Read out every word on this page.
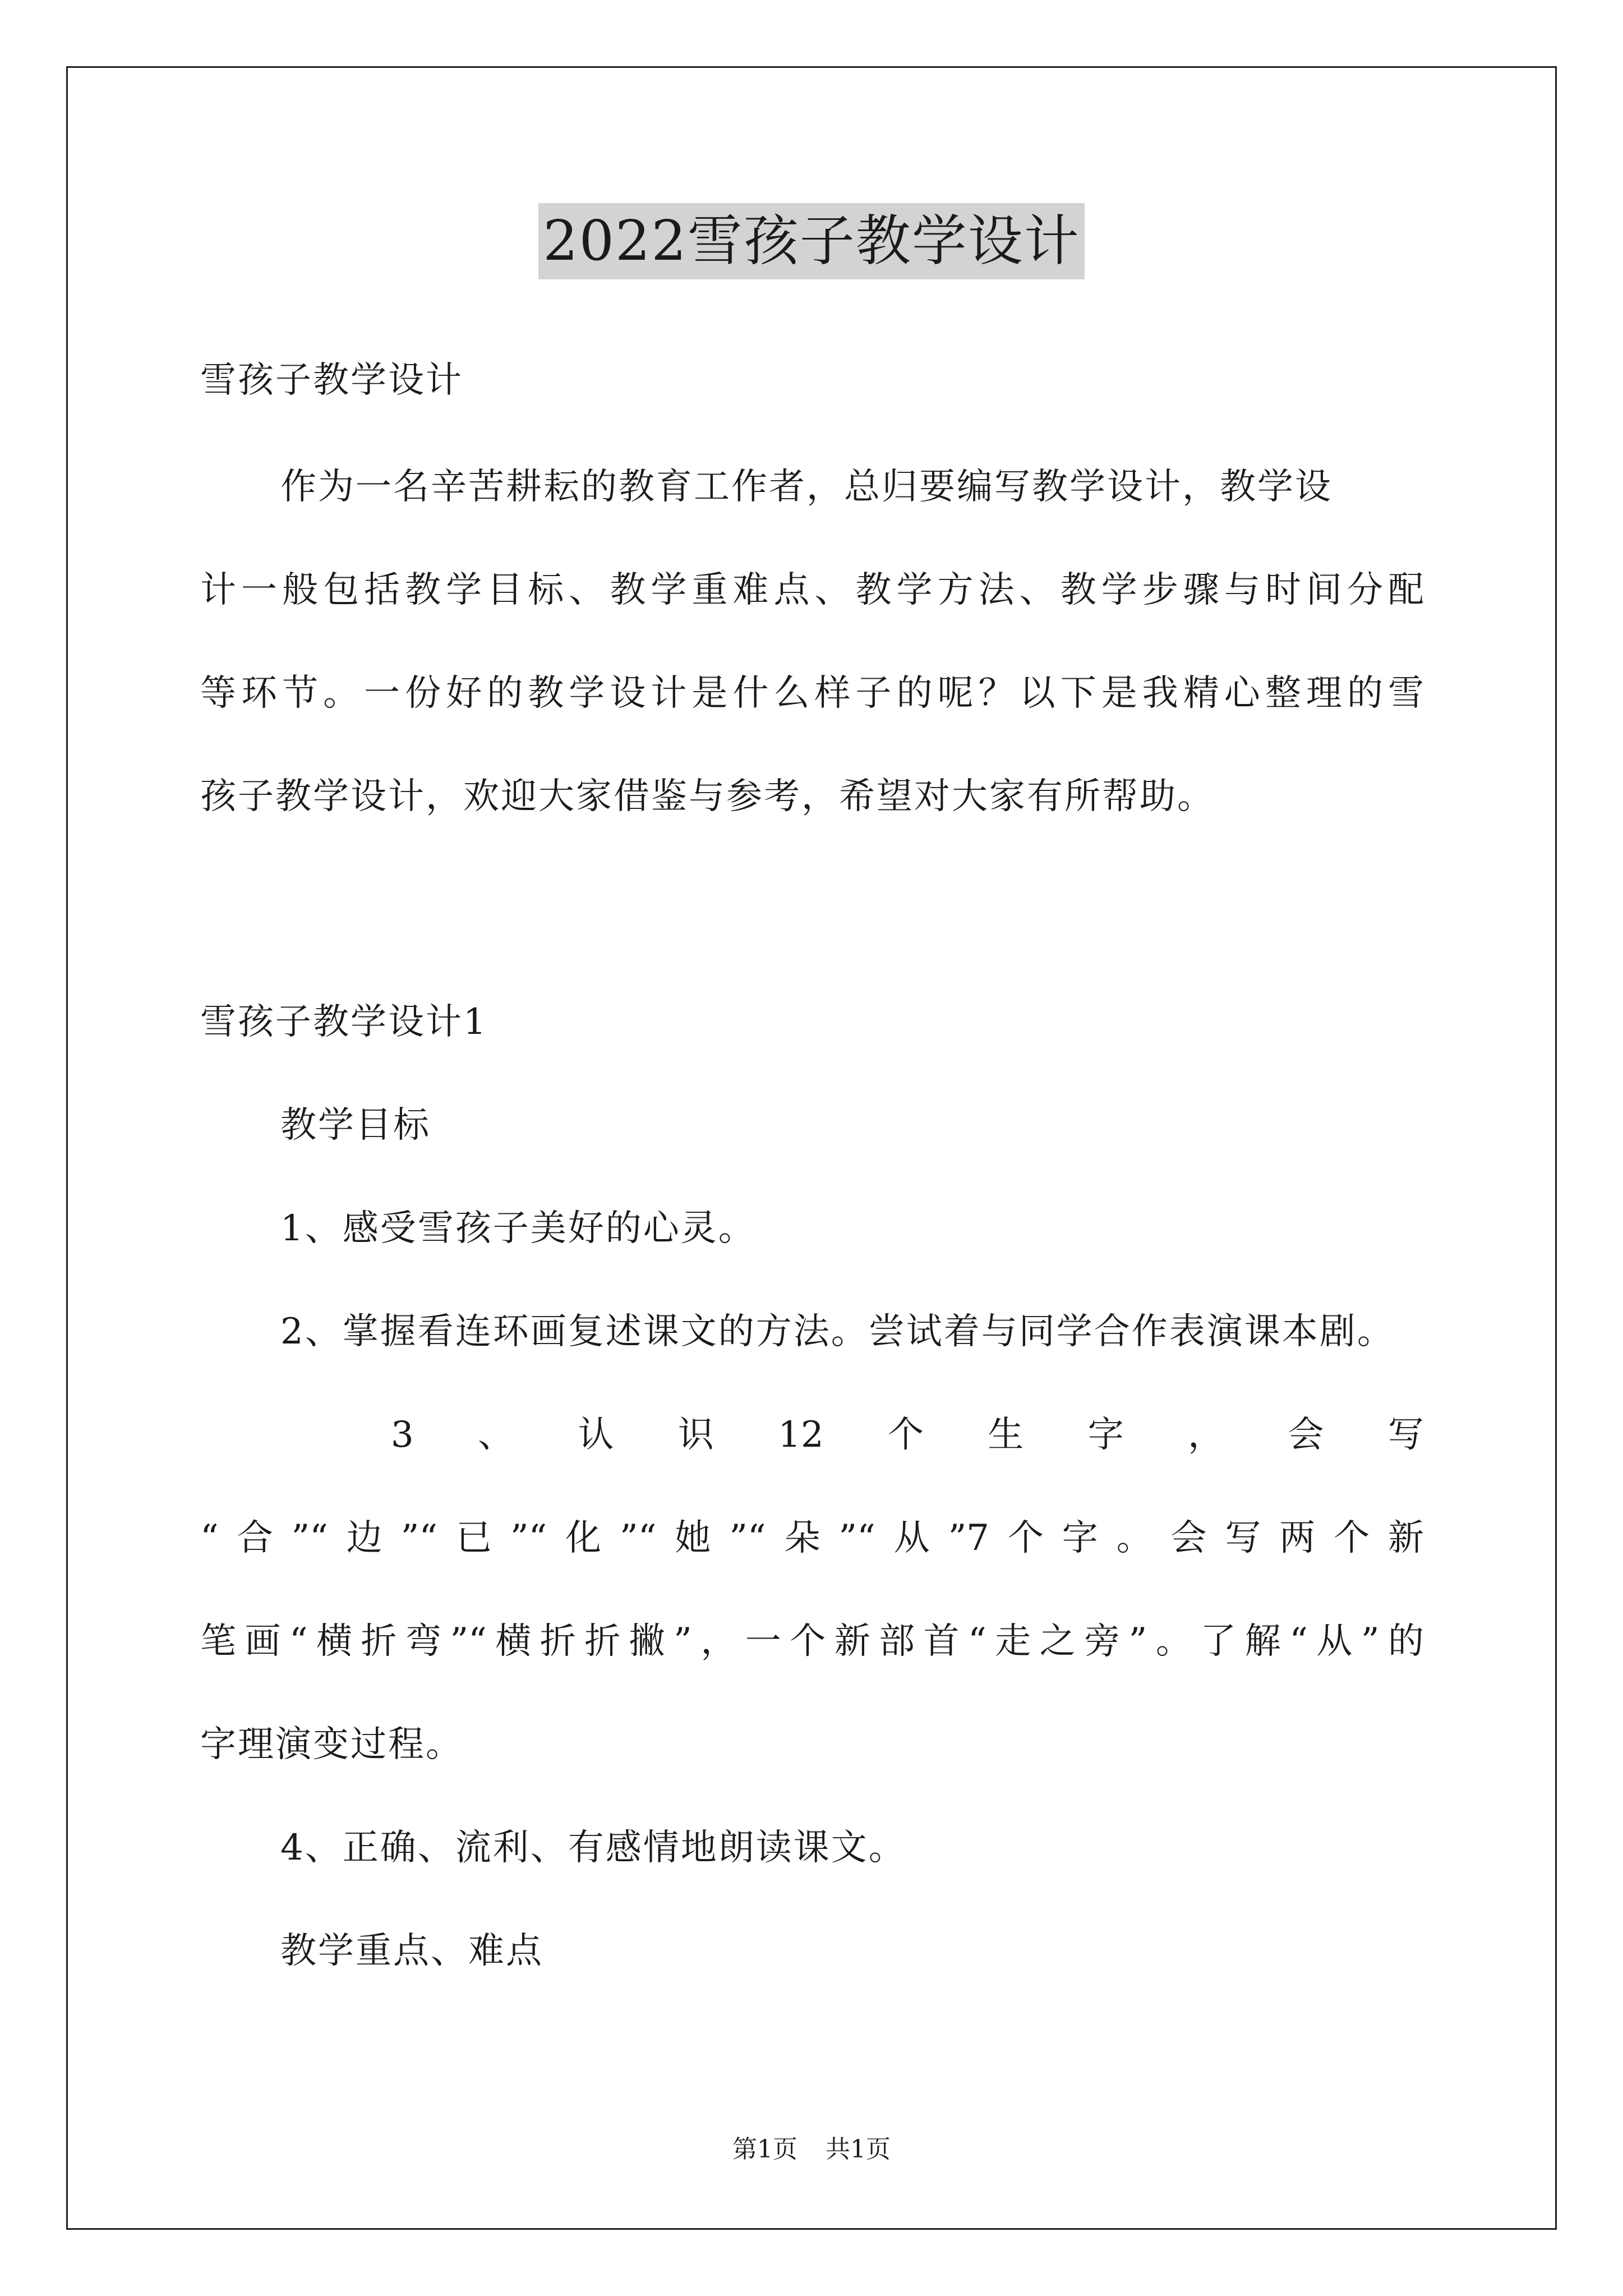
2022雪孩子教学设计
雪孩子教学设计
作为一名辛苦耕耘的教育工作者，总归要编写教学设计，教学设
计一般包括教学目标、教学重难点、教学方法、教学步骤与时间分配
等环节。一份好的教学设计是什么样子的呢？以下是我精心整理的雪
孩子教学设计，欢迎大家借鉴与参考，希望对大家有所帮助。
雪孩子教学设计1
教学目标
1、感受雪孩子美好的心灵。
2、掌握看连环画复述课文的方法。尝试着与同学合作表演课本剧。
3 、 认 识 12 个 生 字 ， 会 写
“合”“边”“已”“化”“她”“朵”“从”7个字。会写两个新
笔画“横折弯”“横折折撇”，一个新部首“走之旁”。了解“从”的
字理演变过程。
4、正确、流利、有感情地朗读课文。
教学重点、难点
第1页 共1页
